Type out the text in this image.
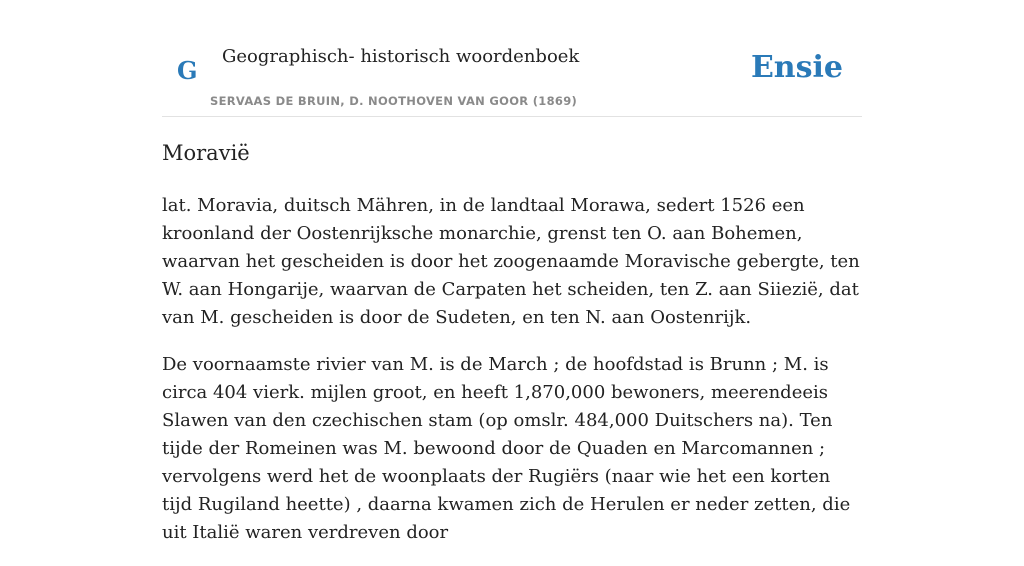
G Geographisch- historisch woordenboek
SERVAAS DE BRUIN, D. NOOTHOVEN VAN GOOR (1869)
Ensie
Moravië

lat. Moravia, duitsch Mähren, in de landtaal Morawa, sedert 1526 een kroonland der Oostenrijksche monarchie, grenst ten O. aan Bohemen, waarvan het gescheiden is door het zoogenaamde Moravische gebergte, ten W. aan Hongarije, waarvan de Carpaten het scheiden, ten Z. aan Siiezië, dat van M. gescheiden is door de Sudeten, en ten N. aan Oostenrijk.

De voornaamste rivier van M. is de March ; de hoofdstad is Brunn ; M. is circa 404 vierk. mijlen groot, en heeft 1,870,000 bewoners, meerendeeis Slawen van den czechischen stam (op omslr. 484,000 Duitschers na). Ten tijde der Romeinen was M. bewoond door de Quaden en Marcomannen ; vervolgens werd het de woonplaats der Rugiërs (naar wie het een korten tijd Rugiland heette) , daarna kwamen zich de Herulen er neder zetten, die uit Italië waren verdreven door
